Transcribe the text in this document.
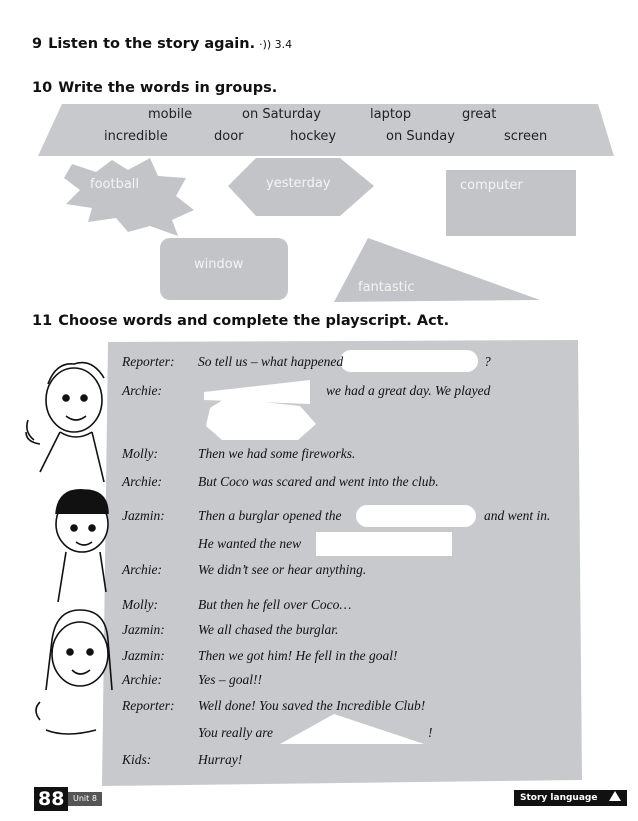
9 Listen to the story again. ·)) 3.4
10 Write the words in groups.
mobile	on Saturday	laptop	great
incredible	door	hockey	on Sunday	screen
football	yesterday	computer
window
fantastic
11 Choose words and complete the playscript. Act.
Reporter: So tell us – what happened	?
Archie:	we had a great day. We played
Molly:	Then we had some fireworks.
Archie:	But Coco was scared and went into the club.
Jazmin: Then a burglar opened the	and went in.
He wanted the new
Archie:	We didn’t see or hear anything.
Molly:	But then he fell over Coco…
Jazmin: We all chased the burglar.
Jazmin: Then we got him! He fell in the goal!
Archie:	Yes – goal!!
Reporter: Well done! You saved the Incredible Club!
You really are	!
Kids:	Hurray!
88	Unit 8	Story language
